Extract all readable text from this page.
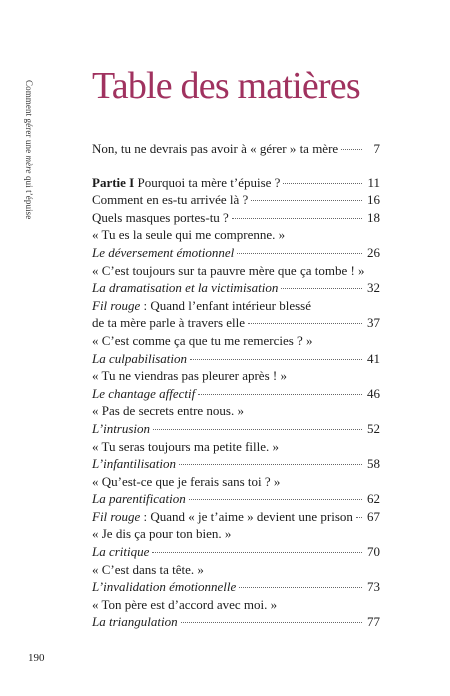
Comment gérer une mère qui t’épuise
Table des matières
Non, tu ne devrais pas avoir à « gérer » ta mère	7
Partie I Pourquoi ta mère t’épuise ?	11
Comment en es-tu arrivée là ?	16
Quels masques portes-tu ?	18
« Tu es la seule qui me comprenne. »
Le déversement émotionnel	26
« C’est toujours sur ta pauvre mère que ça tombe ! »
La dramatisation et la victimisation	32
Fil rouge : Quand l’enfant intérieur blessé
de ta mère parle à travers elle	37
« C’est comme ça que tu me remercies ? »
La culpabilisation	41
« Tu ne viendras pas pleurer après ! »
Le chantage affectif	46
« Pas de secrets entre nous. »
L’intrusion	52
« Tu seras toujours ma petite fille. »
L’infantilisation	58
« Qu’est-ce que je ferais sans toi ? »
La parentification	62
Fil rouge : Quand « je t’aime » devient une prison 67
« Je dis ça pour ton bien. »
La critique	70
« C’est dans ta tête. »
L’invalidation émotionnelle	73
« Ton père est d’accord avec moi. »
La triangulation	77
190
